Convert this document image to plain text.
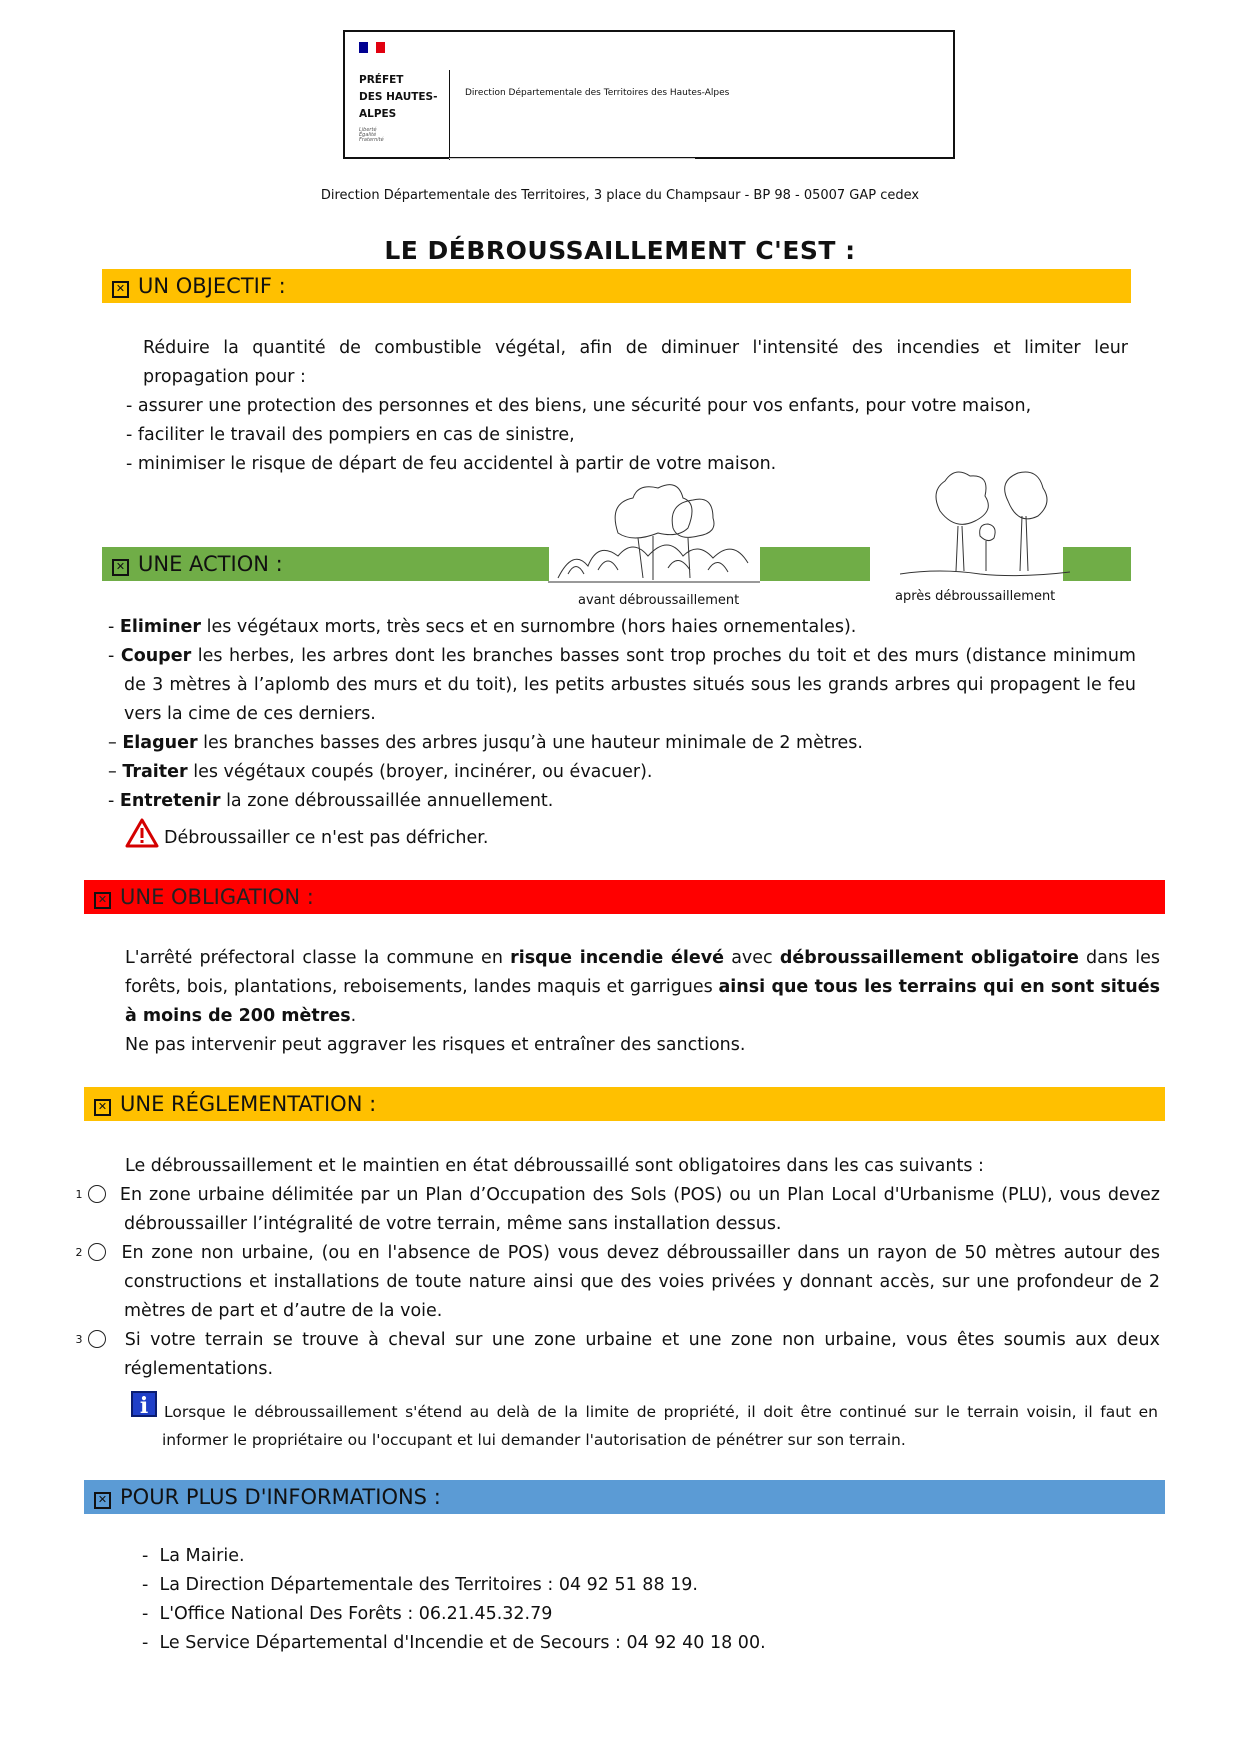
PRÉFET
DES HAUTES-
ALPES
Liberté
Égalité
Fraternité
Direction Départementale des Territoires des Hautes-Alpes
Direction Départementale des Territoires, 3 place du Champsaur - BP 98 - 05007 GAP cedex
LE DÉBROUSSAILLEMENT C'EST :
✕ UN OBJECTIF :
Réduire la quantité de combustible végétal, afin de diminuer l'intensité des incendies et limiter leur propagation pour :
- assurer une protection des personnes et des biens, une sécurité pour vos enfants, pour votre maison,
- faciliter le travail des pompiers en cas de sinistre,
- minimiser le risque de départ de feu accidentel à partir de votre maison.
✕ UNE ACTION :
avant débroussaillement	après débroussaillement
- Eliminer les végétaux morts, très secs et en surnombre (hors haies ornementales).
- Couper les herbes, les arbres dont les branches basses sont trop proches du toit et des murs (distance minimum de 3 mètres à l’aplomb des murs et du toit), les petits arbustes situés sous les grands arbres qui propagent le feu vers la cime de ces derniers.
– Elaguer les branches basses des arbres jusqu’à une hauteur minimale de 2 mètres.
– Traiter les végétaux coupés (broyer, incinérer, ou évacuer).
- Entretenir la zone débroussaillée annuellement.
Débroussailler ce n'est pas défricher.
✕ UNE OBLIGATION :
L'arrêté préfectoral classe la commune en risque incendie élevé avec débroussaillement obligatoire dans les forêts, bois, plantations, reboisements, landes maquis et garrigues ainsi que tous les terrains qui en sont situés à moins de 200 mètres.
Ne pas intervenir peut aggraver les risques et entraîner des sanctions.
✕ UNE RÉGLEMENTATION :
Le débroussaillement et le maintien en état débroussaillé sont obligatoires dans les cas suivants :
1 En zone urbaine délimitée par un Plan d’Occupation des Sols (POS) ou un Plan Local d'Urbanisme (PLU), vous devez débroussailler l’intégralité de votre terrain, même sans installation dessus.
2 En zone non urbaine, (ou en l'absence de POS) vous devez débroussailler dans un rayon de 50 mètres autour des constructions et installations de toute nature ainsi que des voies privées y donnant accès, sur une profondeur de 2 mètres de part et d’autre de la voie.
3 Si votre terrain se trouve à cheval sur une zone urbaine et une zone non urbaine, vous êtes soumis aux deux réglementations.
i	Lorsque le débroussaillement s'étend au delà de la limite de propriété, il doit être continué sur le terrain voisin, il faut en informer le propriétaire ou l'occupant et lui demander l'autorisation de pénétrer sur son terrain.
✕ POUR PLUS D'INFORMATIONS :
-  La Mairie.
-  La Direction Départementale des Territoires : 04 92 51 88 19.
-  L'Office National Des Forêts : 06.21.45.32.79
-  Le Service Départemental d'Incendie et de Secours : 04 92 40 18 00.
